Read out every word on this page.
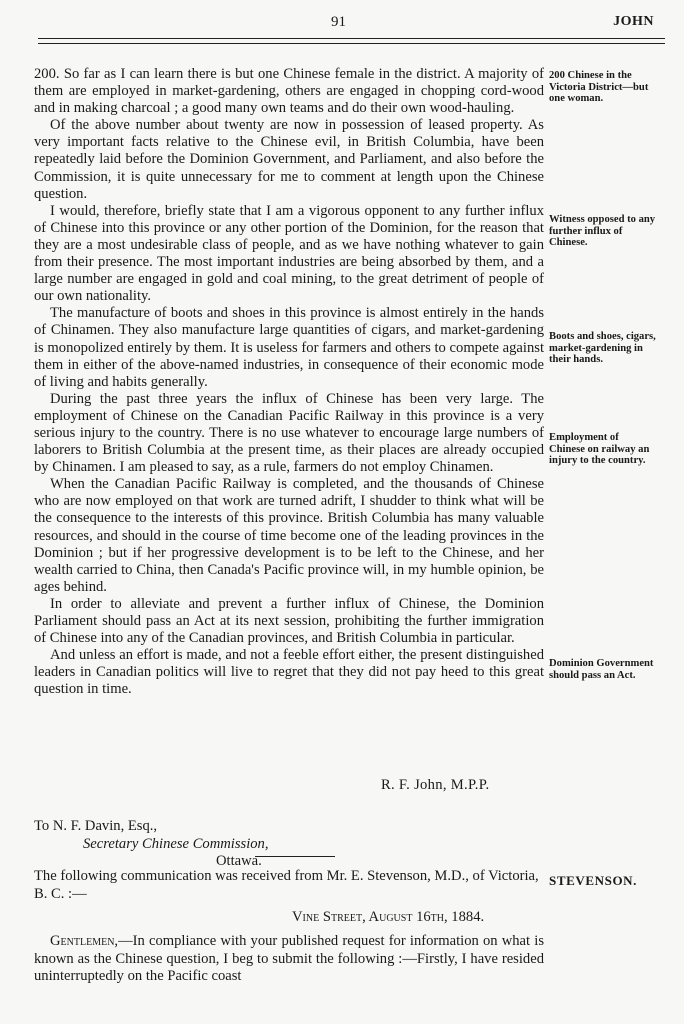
91	JOHN

200. So far as I can learn there is but one Chinese female in the district. A majority of them are employed in market-gardening, others are engaged in chopping cord-wood and in making charcoal ; a good many own teams and do their own wood-hauling.

Of the above number about twenty are now in possession of leased property. As very important facts relative to the Chinese evil, in British Columbia, have been repeatedly laid before the Dominion Government, and Parliament, and also before the Commission, it is quite unnecessary for me to comment at length upon the Chinese question.

I would, therefore, briefly state that I am a vigorous opponent to any further influx of Chinese into this province or any other portion of the Dominion, for the reason that they are a most undesirable class of people, and as we have nothing whatever to gain from their presence. The most important industries are being absorbed by them, and a large number are engaged in gold and coal mining, to the great detriment of people of our own nationality.

The manufacture of boots and shoes in this province is almost entirely in the hands of Chinamen. They also manufacture large quantities of cigars, and market-gardening is monopolized entirely by them. It is useless for farmers and others to compete against them in either of the above-named industries, in consequence of their economic mode of living and habits generally.

During the past three years the influx of Chinese has been very large. The employment of Chinese on the Canadian Pacific Railway in this province is a very serious injury to the country. There is no use whatever to encourage large numbers of laborers to British Columbia at the present time, as their places are already occupied by Chinamen. I am pleased to say, as a rule, farmers do not employ Chinamen.

When the Canadian Pacific Railway is completed, and the thousands of Chinese who are now employed on that work are turned adrift, I shudder to think what will be the consequence to the interests of this province. British Columbia has many valuable resources, and should in the course of time become one of the leading provinces in the Dominion ; but if her progressive development is to be left to the Chinese, and her wealth carried to China, then Canada's Pacific province will, in my humble opinion, be ages behind.

In order to alleviate and prevent a further influx of Chinese, the Dominion Parliament should pass an Act at its next session, prohibiting the further immigration of Chinese into any of the Canadian provinces, and British Columbia in particular.

And unless an effort is made, and not a feeble effort either, the present distinguished leaders in Canadian politics will live to regret that they did not pay heed to this great question in time.

200 Chinese in the Victoria District—but one woman.
Witness opposed to any further influx of Chinese.
Boots and shoes, cigars, market-gardening in their hands.
Employment of Chinese on railway an injury to the country.
Dominion Government should pass an Act.
R. F. John, M.P.P.
To N. F. Davin, Esq.,
Secretary Chinese Commission,
Ottawa.
The following communication was received from Mr. E. Stevenson, M.D., of Victoria, B. C. :—
STEVENSON.
Vine Street, August 16th, 1884.
Gentlemen,—In compliance with your published request for information on what is known as the Chinese question, I beg to submit the following :—Firstly, I have resided uninterruptedly on the Pacific coast
